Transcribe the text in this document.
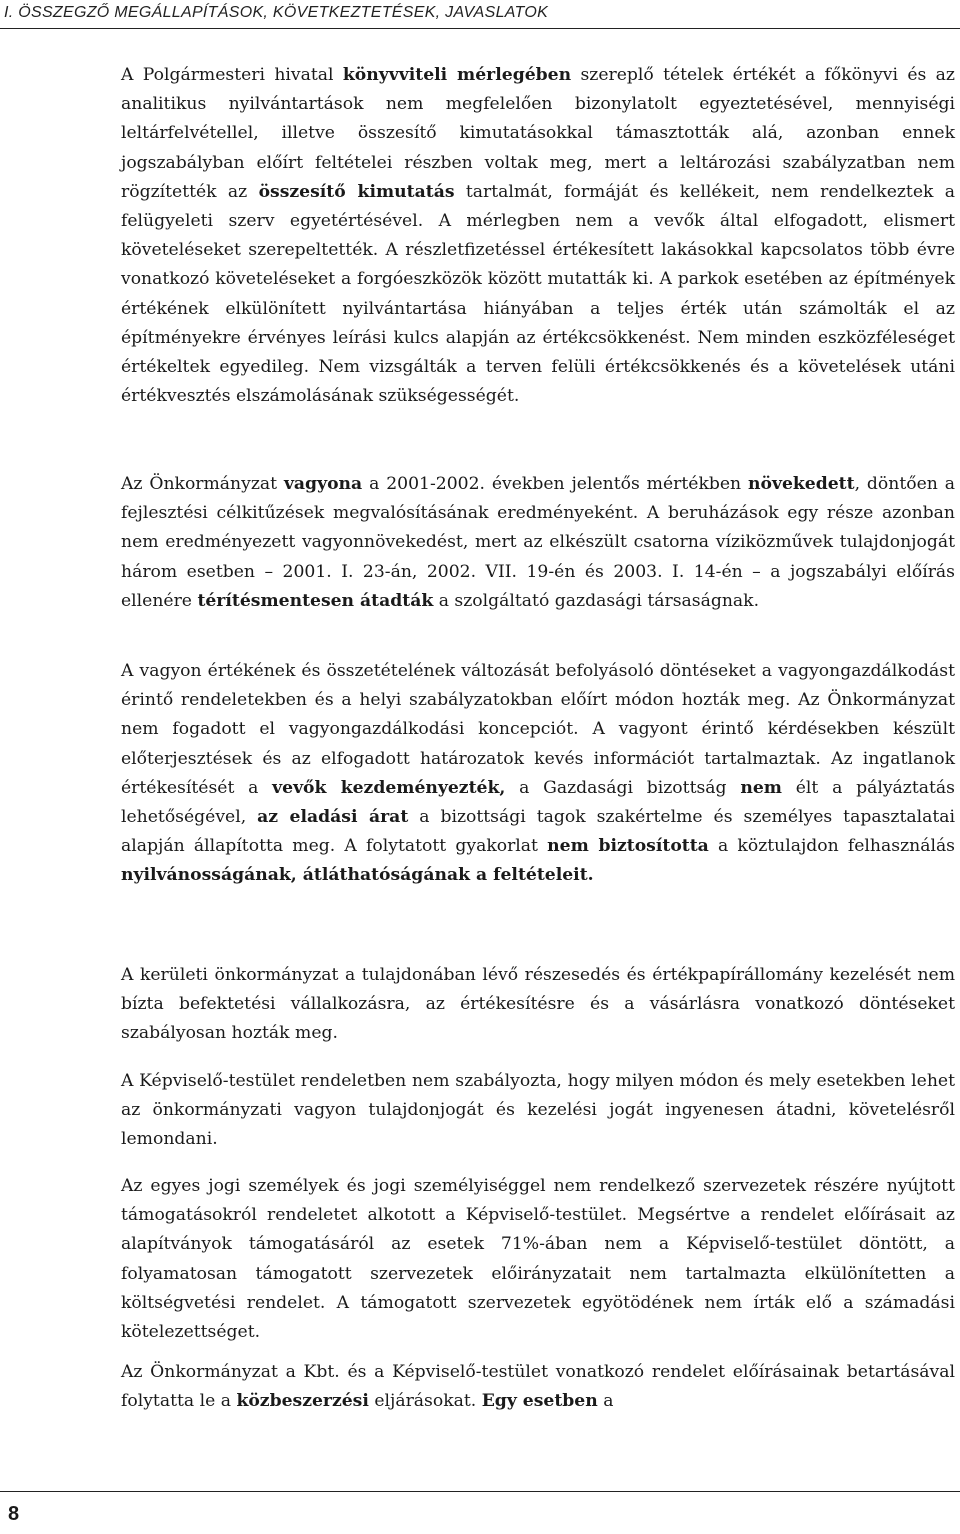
I. ÖSSZEGZŐ MEGÁLLAPÍTÁSOK, KÖVETKEZTETÉSEK, JAVASLATOK

A Polgármesteri hivatal könyvviteli mérlegében szereplő tételek értékét a főkönyvi és az analitikus nyilvántartások nem megfelelően bizonylatolt egyeztetésével, mennyiségi leltárfelvétellel, illetve összesítő kimutatásokkal támasztották alá, azonban ennek jogszabályban előírt feltételei részben voltak meg, mert a leltározási szabályzatban nem rögzítették az összesítő kimutatás tartalmát, formáját és kellékeit, nem rendelkeztek a felügyeleti szerv egyetértésével. A mérlegben nem a vevők által elfogadott, elismert követeléseket szerepeltették. A részletfizetéssel értékesített lakásokkal kapcsolatos több évre vonatkozó követeléseket a forgóeszközök között mutatták ki. A parkok esetében az építmények értékének elkülönített nyilvántartása hiányában a teljes érték után számolták el az építményekre érvényes leírási kulcs alapján az értékcsökkenést. Nem minden eszközféleséget értékeltek egyedileg. Nem vizsgálták a terven felüli értékcsökkenés és a követelések utáni értékvesztés elszámolásának szükségességét.

Az Önkormányzat vagyona a 2001-2002. években jelentős mértékben növekedett, döntően a fejlesztési célkitűzések megvalósításának eredményeként. A beruházások egy része azonban nem eredményezett vagyonnövekedést, mert az elkészült csatorna víziközművek tulajdonjogát három esetben – 2001. I. 23-án, 2002. VII. 19-én és 2003. I. 14-én – a jogszabályi előírás ellenére térítésmentesen átadták a szolgáltató gazdasági társaságnak.

A vagyon értékének és összetételének változását befolyásoló döntéseket a vagyongazdálkodást érintő rendeletekben és a helyi szabályzatokban előírt módon hozták meg. Az Önkormányzat nem fogadott el vagyongazdálkodási koncepciót. A vagyont érintő kérdésekben készült előterjesztések és az elfogadott határozatok kevés információt tartalmaztak. Az ingatlanok értékesítését a vevők kezdeményezték, a Gazdasági bizottság nem élt a pályáztatás lehetőségével, az eladási árat a bizottsági tagok szakértelme és személyes tapasztalatai alapján állapította meg. A folytatott gyakorlat nem biztosította a köztulajdon felhasználás nyilvánosságának, átláthatóságának a feltételeit.

A kerületi önkormányzat a tulajdonában lévő részesedés és értékpapírállomány kezelését nem bízta befektetési vállalkozásra, az értékesítésre és a vásárlásra vonatkozó döntéseket szabályosan hozták meg.

A Képviselő-testület rendeletben nem szabályozta, hogy milyen módon és mely esetekben lehet az önkormányzati vagyon tulajdonjogát és kezelési jogát ingyenesen átadni, követelésről lemondani.

Az egyes jogi személyek és jogi személyiséggel nem rendelkező szervezetek részére nyújtott támogatásokról rendeletet alkotott a Képviselő-testület. Megsértve a rendelet előírásait az alapítványok támogatásáról az esetek 71%-ában nem a Képviselő-testület döntött, a folyamatosan támogatott szervezetek előirányzatait nem tartalmazta elkülönítetten a költségvetési rendelet. A támogatott szervezetek egyötödének nem írták elő a számadási kötelezettséget.

Az Önkormányzat a Kbt. és a Képviselő-testület vonatkozó rendelet előírásainak betartásával folytatta le a közbeszerzési eljárásokat. Egy esetben a

8
